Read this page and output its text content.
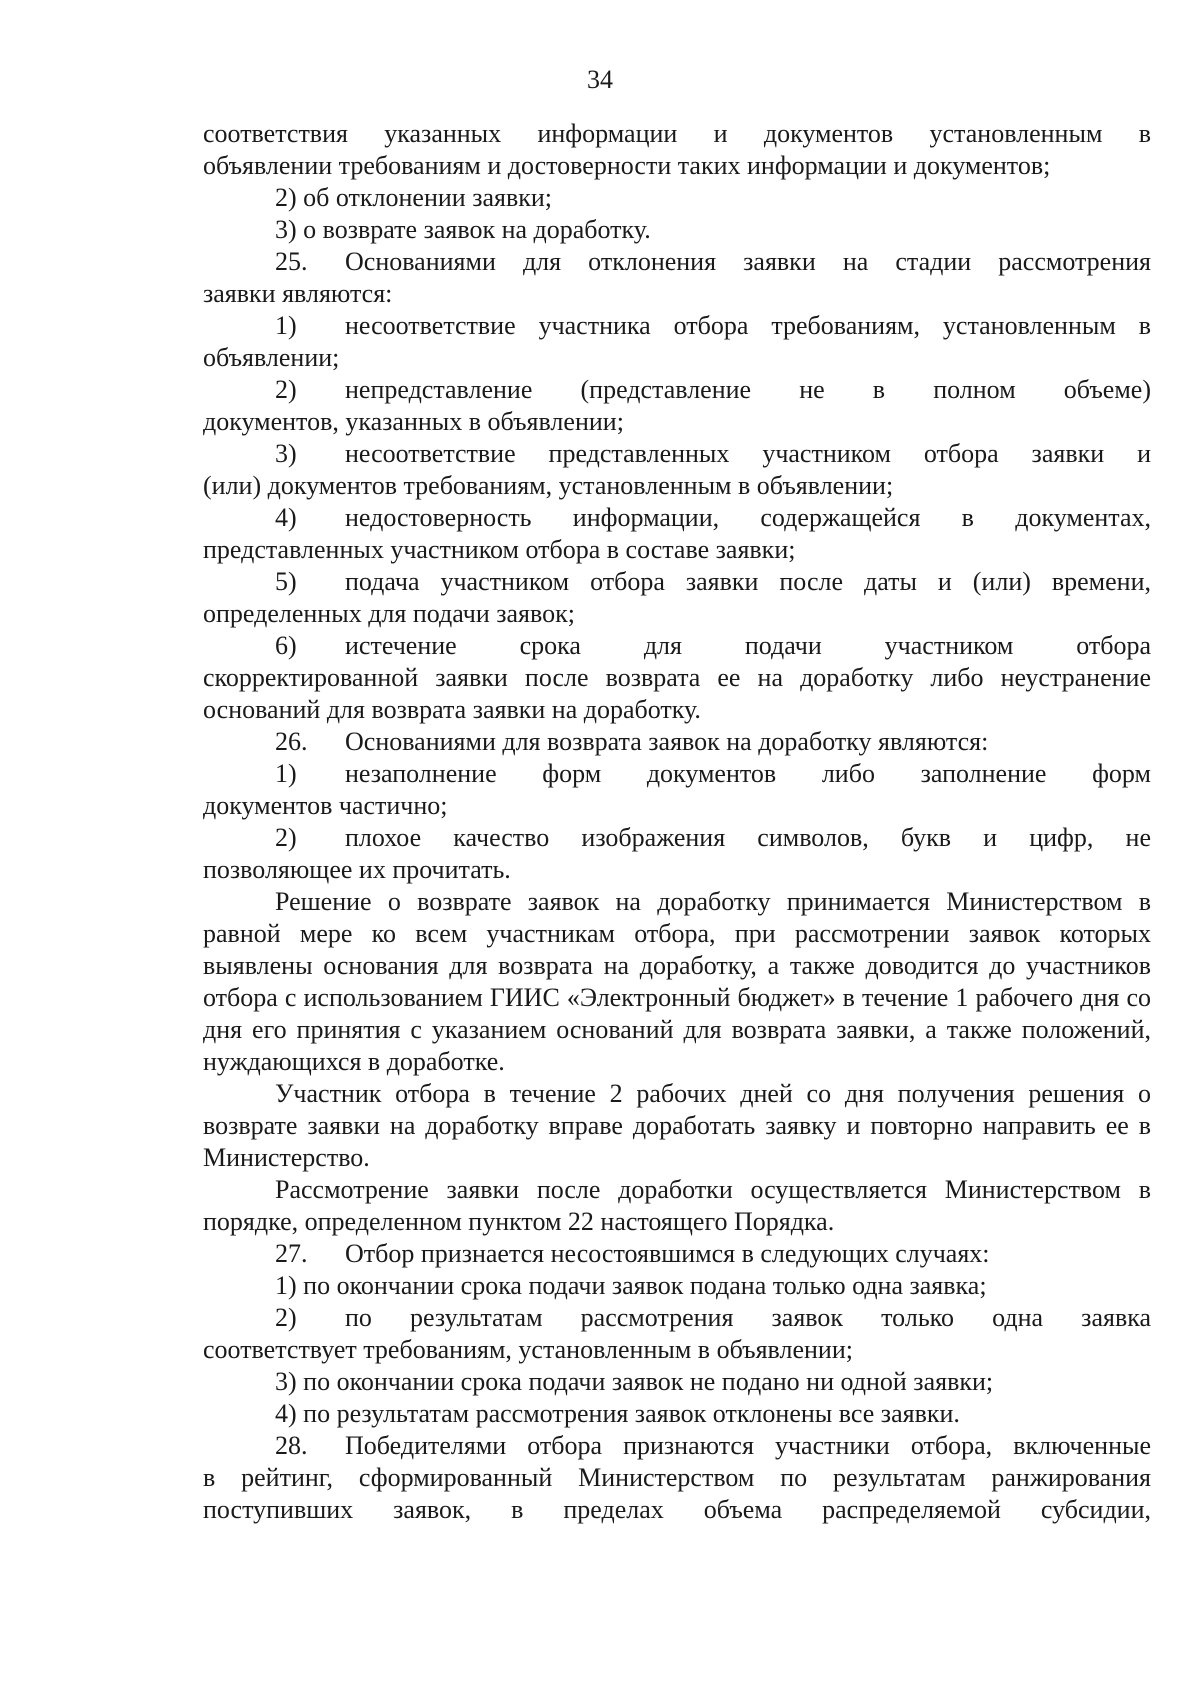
34
соответствия указанных информации и документов установленным в
объявлении требованиям и достоверности таких информации и документов;
2) об отклонении заявки;
3) о возврате заявок на доработку.
25.	Основаниями для отклонения заявки на стадии рассмотрения
заявки являются:
1)	несоответствие участника отбора требованиям, установленным в
объявлении;
2)	непредставление (представление не в полном объеме)
документов, указанных в объявлении;
3)	несоответствие представленных участником отбора заявки и
(или) документов требованиям, установленным в объявлении;
4)	недостоверность информации, содержащейся в документах,
представленных участником отбора в составе заявки;
5)	подача участником отбора заявки после даты и (или) времени,
определенных для подачи заявок;
6)	истечение срока для подачи участником отбора
скорректированной заявки после возврата ее на доработку либо неустранение
оснований для возврата заявки на доработку.
26.	Основаниями для возврата заявок на доработку являются:
1)	незаполнение форм документов либо заполнение форм
документов частично;
2)	плохое качество изображения символов, букв и цифр, не
позволяющее их прочитать.

Решение о возврате заявок на доработку принимается Министерством в равной мере ко всем участникам отбора, при рассмотрении заявок которых выявлены основания для возврата на доработку, а также доводится до участников отбора с использованием ГИИС «Электронный бюджет» в течение 1 рабочего дня со дня его принятия с указанием оснований для возврата заявки, а также положений, нуждающихся в доработке.

Участник отбора в течение 2 рабочих дней со дня получения решения о возврате заявки на доработку вправе доработать заявку и повторно направить ее в Министерство.

Рассмотрение заявки после доработки осуществляется Министерством в порядке, определенном пунктом 22 настоящего Порядка.

27.	Отбор признается несостоявшимся в следующих случаях:
1) по окончании срока подачи заявок подана только одна заявка;
2)	по результатам рассмотрения заявок только одна заявка
соответствует требованиям, установленным в объявлении;
3) по окончании срока подачи заявок не подано ни одной заявки;
4) по результатам рассмотрения заявок отклонены все заявки.
28.	Победителями отбора признаются участники отбора, включенные
в рейтинг, сформированный Министерством по результатам ранжирования
поступивших заявок, в пределах объема распределяемой субсидии,
